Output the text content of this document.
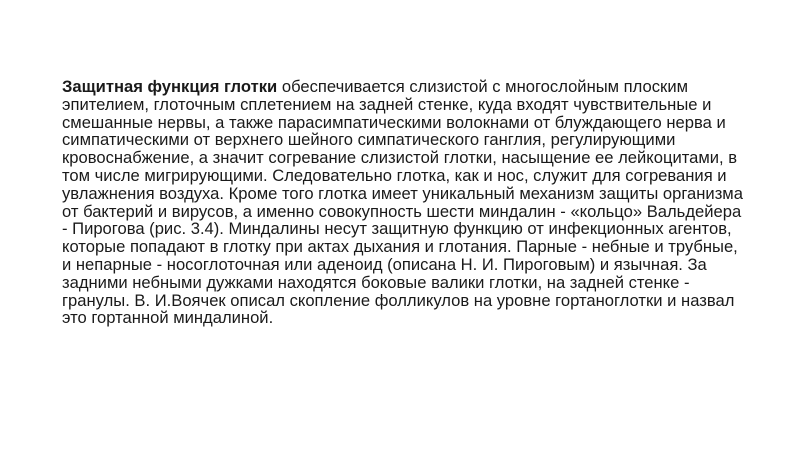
Защитная функция глотки обеспечивается слизистой с многослойным плоским эпителием, глоточным сплетением на задней стенке, куда входят чувствительные и смешанные нервы, а также парасимпатическими волокнами от блуждающего нерва и симпатическими от верхнего шейного симпатического ганглия, регулирующими кровоснабжение, а значит согревание слизистой глотки, насыщение ее лейкоцитами, в том числе мигрирующими. Следовательно глотка, как и нос, служит для согревания и увлажнения воздуха. Кроме того глотка имеет уникальный механизм защиты организма от бактерий и вирусов, а именно совокупность шести миндалин - «кольцо» Вальдейера - Пирогова (рис. 3.4). Миндалины несут защитную функцию от инфекционных агентов, которые попадают в глотку при актах дыхания и глотания. Парные - небные и трубные, и непарные - носоглоточная или аденоид (описана Н. И. Пироговым) и язычная. За задними небными дужками находятся боковые валики глотки, на задней стенке - гранулы. В. И.Воячек описал скопление фолликулов на уровне гортаноглотки и назвал это гортанной миндалиной.
